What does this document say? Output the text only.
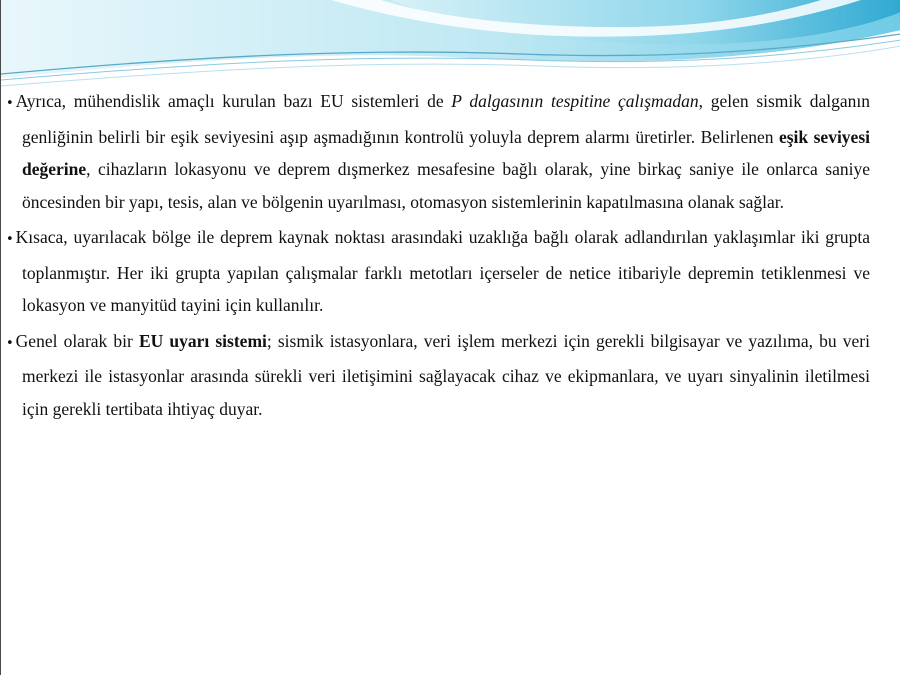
• Ayrıca, mühendislik amaçlı kurulan bazı EU sistemleri de P dalgasının tespitine çalışmadan, gelen sismik dalganın genliğinin belirli bir eşik seviyesini aşıp aşmadığının kontrolü yoluyla deprem alarmı üretirler. Belirlenen eşik seviyesi değerine, cihazların lokasyonu ve deprem dışmerkez mesafesine bağlı olarak, yine birkaç saniye ile onlarca saniye öncesinden bir yapı, tesis, alan ve bölgenin uyarılması, otomasyon sistemlerinin kapatılmasına olanak sağlar.

• Kısaca, uyarılacak bölge ile deprem kaynak noktası arasındaki uzaklığa bağlı olarak adlandırılan yaklaşımlar iki grupta toplanmıştır. Her iki grupta yapılan çalışmalar farklı metotları içerseler de netice itibariyle depremin tetiklenmesi ve lokasyon ve manyitüd tayini için kullanılır.

• Genel olarak bir EU uyarı sistemi; sismik istasyonlara, veri işlem merkezi için gerekli bilgisayar ve yazılıma, bu veri merkezi ile istasyonlar arasında sürekli veri iletişimini sağlayacak cihaz ve ekipmanlara, ve uyarı sinyalinin iletilmesi için gerekli tertibata ihtiyaç duyar.
